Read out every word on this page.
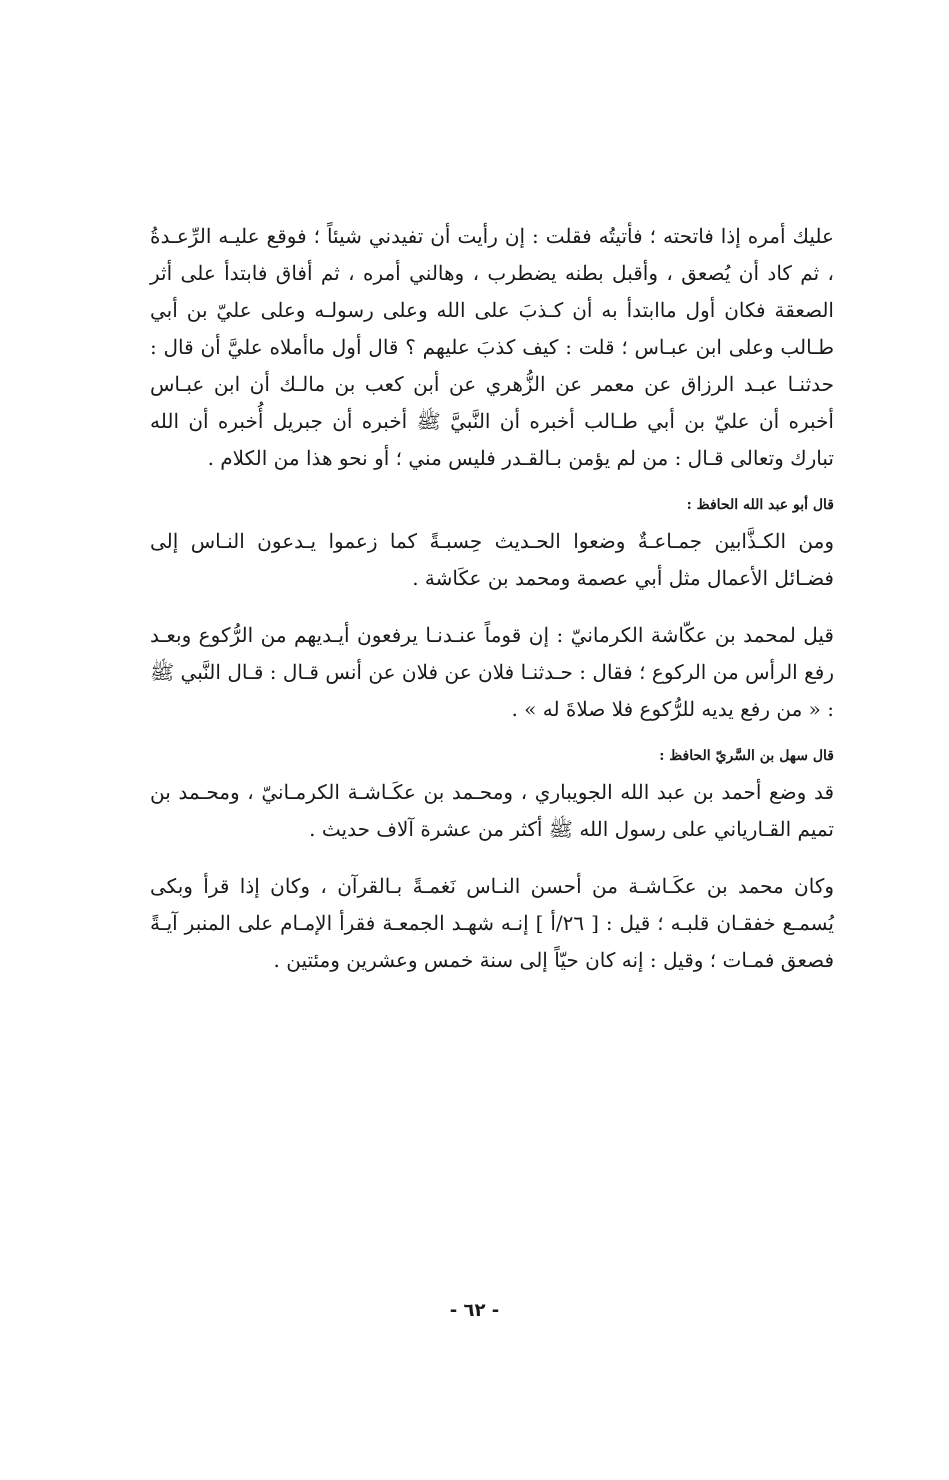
عليك أمره إذا فاتحته ؛ فأتيتُه فقلت : إن رأيت أن تفيدني شيئاً ؛ فوقع عليـه الرِّعـدةُ ، ثم كاد أن يُصعق ، وأقبل بطنه يضطرب ، وهالني أمره ، ثم أفاق فابتدأ على أثر الصعقة فكان أول ماابتدأ به أن كـذبَ على الله وعلى رسولـه وعلى عليّ بن أبي طـالب وعلى ابن عبـاس ؛ قلت : كيف كذبَ عليهم ؟ قال أول ماأملاه عليَّ أن قال : حدثنـا عبـد الرزاق عن معمر عن الزُّهري عن أبن كعب بن مالـك أن ابن عبـاس أخبره أن عليّ بن أبي طـالب أخبره أن النَّبيَّ ﷺ أخبره أن جبريل أُخبره أن الله تبارك وتعالى قـال : من لم يؤمن بـالقـدر فليس مني ؛ أو نحو هذا من الكلام .

قال أبو عبد الله الحافظ :

ومن الكـذَّابين جمـاعـةٌ وضعوا الحـديث حِسبـةً كما زعموا يـدعون النـاس إلى فضـائل الأعمال مثل أبي عصمة ومحمد بن عكَاشة .

قيل لمحمد بن عكّاشة الكرمانيّ : إن قوماً عنـدنـا يرفعون أيـديهم من الرُّكوع وبعـد رفع الرأس من الركوع ؛ فقال : حـدثنـا فلان عن فلان عن أنس قـال : قـال النَّبي ﷺ : « من رفع يديه للرُّكوع فلا صلاةَ له » .

قال سهل بن السَّريّ الحافظ :

قد وضع أحمد بن عبد الله الجويباري ، ومحـمد بن عكَـاشـة الكرمـانيّ ، ومحـمد بن تميم القـارياني على رسول الله ﷺ أكثر من عشرة آلاف حديث .

وكان محمد بن عكَـاشـة من أحسن النـاس نَغمـةً بـالقرآن ، وكان إذا قرأ وبكى يُسمـع خفقـان قلبـه ؛ قيل : [ ٢٦/أ ] إنـه شهـد الجمعـة فقرأ الإمـام على المنبر آيـةً فصعق فمـات ؛ وقيل : إنه كان حيّاً إلى سنة خمس وعشرين ومئتين .

- ٦٢ -
